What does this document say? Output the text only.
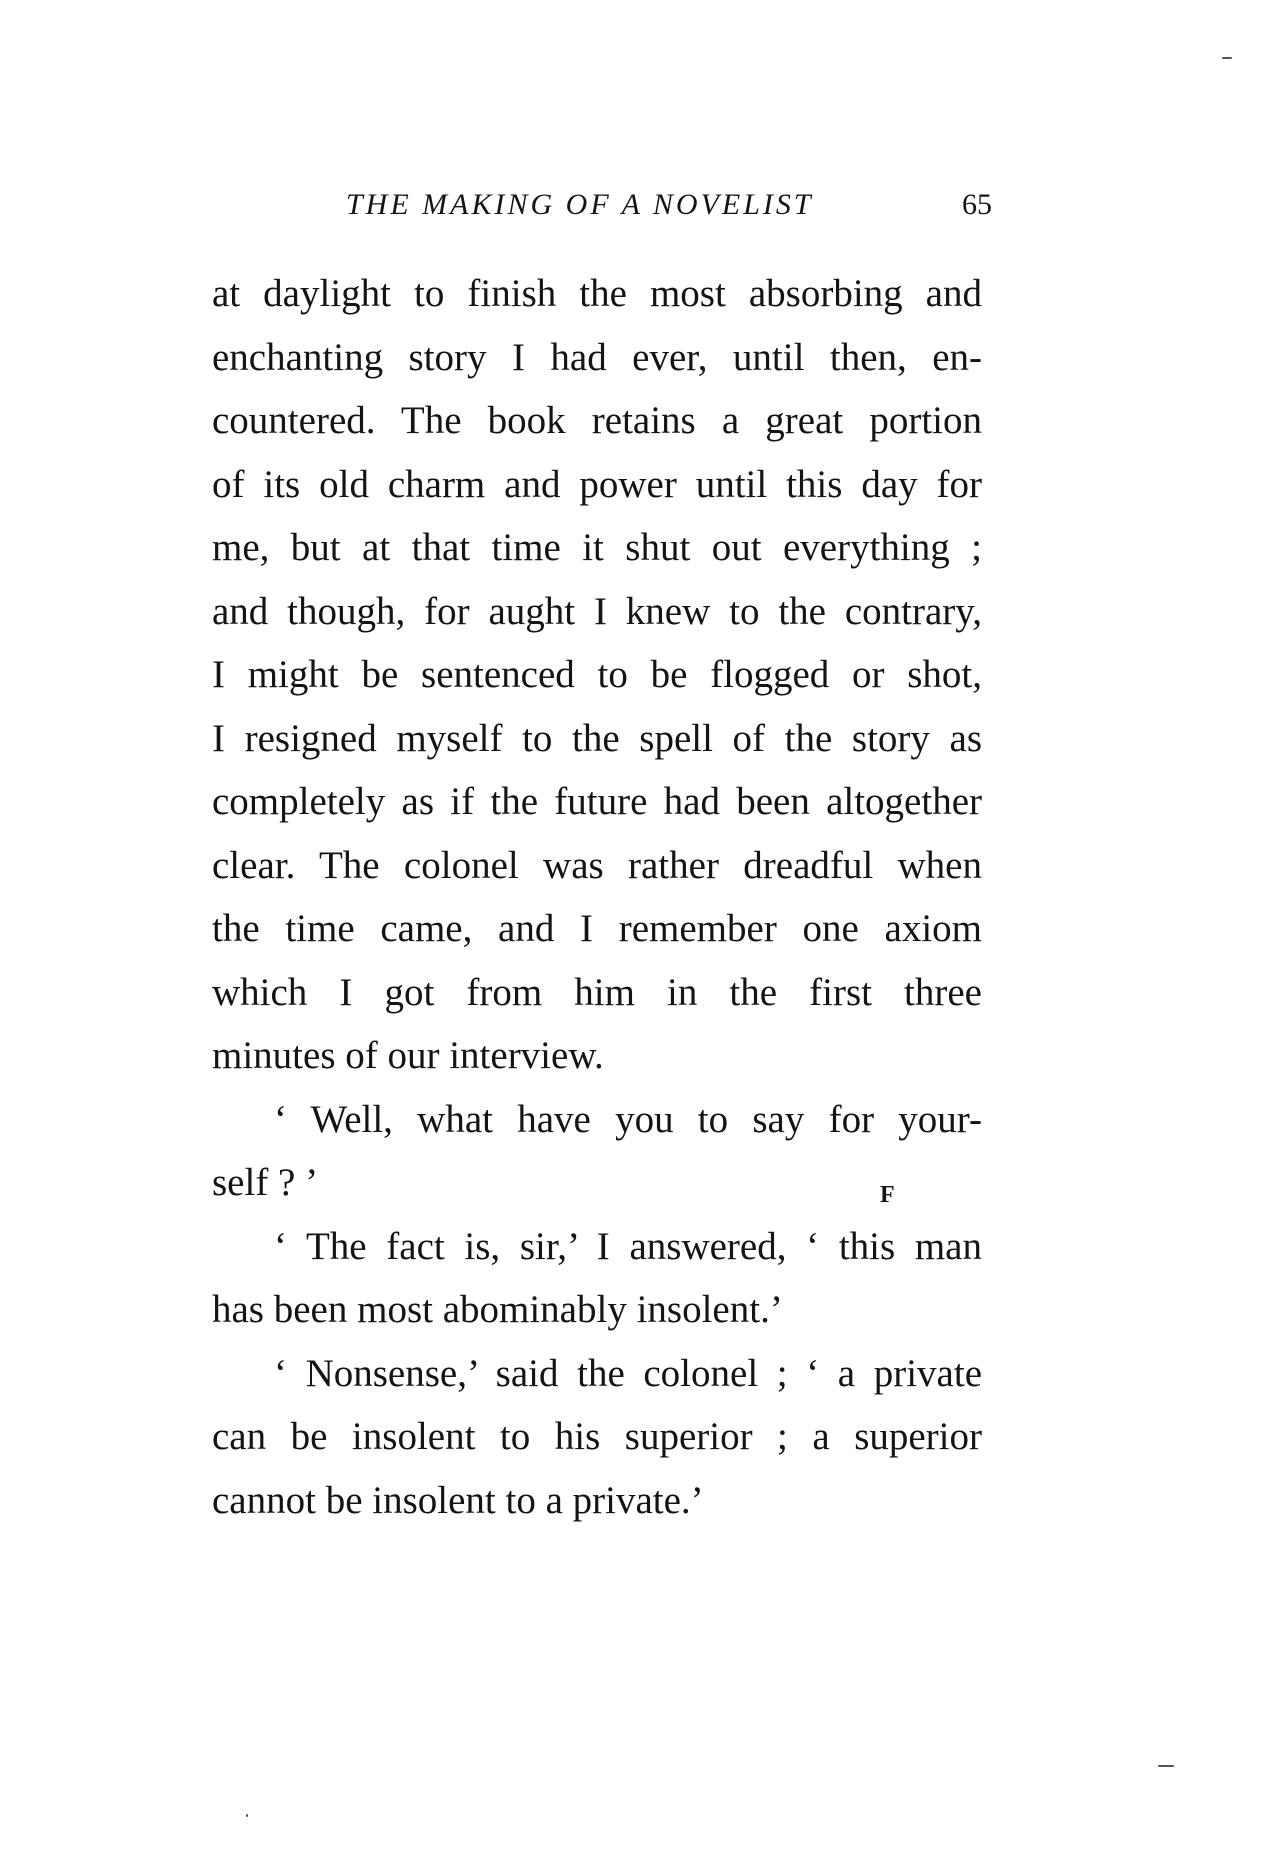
THE MAKING OF A NOVELIST	65
at daylight to finish the most absorbing and
enchanting story I had ever, until then, en-
countered. The book retains a great portion
of its old charm and power until this day for
me, but at that time it shut out everything ;
and though, for aught I knew to the contrary,
I might be sentenced to be flogged or shot,
I resigned myself to the spell of the story as
completely as if the future had been altogether
clear. The colonel was rather dreadful when
the time came, and I remember one axiom
which I got from him in the first three
minutes of our interview.
‘ Well, what have you to say for your-
self ? ’
‘ The fact is, sir,’ I answered, ‘ this man
has been most abominably insolent.’
‘ Nonsense,’ said the colonel ; ‘ a private
can be insolent to his superior ; a superior
cannot be insolent to a private.’
F
